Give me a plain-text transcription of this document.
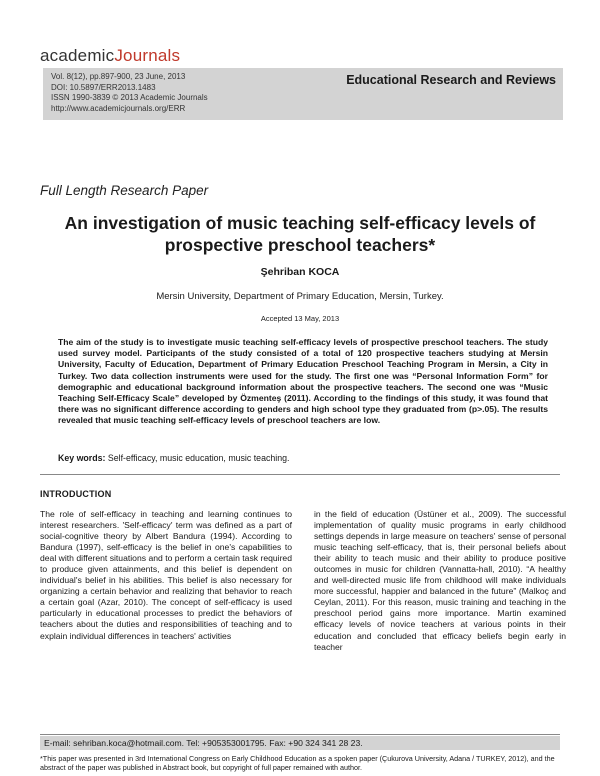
academicJournals
Vol. 8(12), pp.897-900, 23 June, 2013
DOI: 10.5897/ERR2013.1483
ISSN 1990-3839 © 2013 Academic Journals
http://www.academicjournals.org/ERR
Educational Research and Reviews
Full Length Research Paper
An investigation of music teaching self-efficacy levels of prospective preschool teachers*
Şehriban KOCA
Mersin University, Department of Primary Education, Mersin, Turkey.
Accepted 13 May, 2013

The aim of the study is to investigate music teaching self-efficacy levels of prospective preschool teachers. The study used survey model. Participants of the study consisted of a total of 120 prospective teachers studying at Mersin University, Faculty of Education, Department of Primary Education Preschool Teaching Program in Mersin, a City in Turkey. Two data collection instruments were used for the study. The first one was “Personal Information Form” for demographic and educational background information about the prospective teachers. The second one was “Music Teaching Self-Efficacy Scale” developed by Özmenteş (2011). According to the findings of this study, it was found that there was no significant difference according to genders and high school type they graduated from (p>.05). The results revealed that music teaching self-efficacy levels of preschool teachers are low.

Key words: Self-efficacy, music education, music teaching.
INTRODUCTION

The role of self-efficacy in teaching and learning continues to interest researchers. 'Self-efficacy' term was defined as a part of social-cognitive theory by Albert Bandura (1994). According to Bandura (1997), self-efficacy is the belief in one's capabilities to deal with different situations and to perform a certain task required to produce given attainments, and this belief is dependent on individual's belief in his abilities. This belief is also necessary for organizing a certain behavior and realizing that behavior to reach a certain goal (Azar, 2010). The concept of self-efficacy is used particularly in educational processes to predict the behaviors of teachers about the duties and responsibilities of teaching and to explain individual differences in teachers' activities

in the field of education (Üstüner et al., 2009). The successful implementation of quality music programs in early childhood settings depends in large measure on teachers' sense of personal music teaching self-efficacy, that is, their personal beliefs about their ability to teach music and their ability to produce positive outcomes in music for children (Vannatta-hall, 2010). “A healthy and well-directed music life from childhood will make individuals more successful, happier and balanced in the future” (Malkoç and Ceylan, 2011). For this reason, music training and teaching in the preschool period gains more importance. Martin examined efficacy levels of novice teachers at various points in their education and concluded that efficacy beliefs begin early in teacher

E-mail: sehriban.koca@hotmail.com. Tel: +905353001795. Fax: +90 324 341 28 23.

*This paper was presented in 3rd International Congress on Early Childhood Education as a spoken paper (Çukurova University, Adana / TURKEY, 2012), and the abstract of the paper was published in Abstract book, but copyright of full paper remained with author.
